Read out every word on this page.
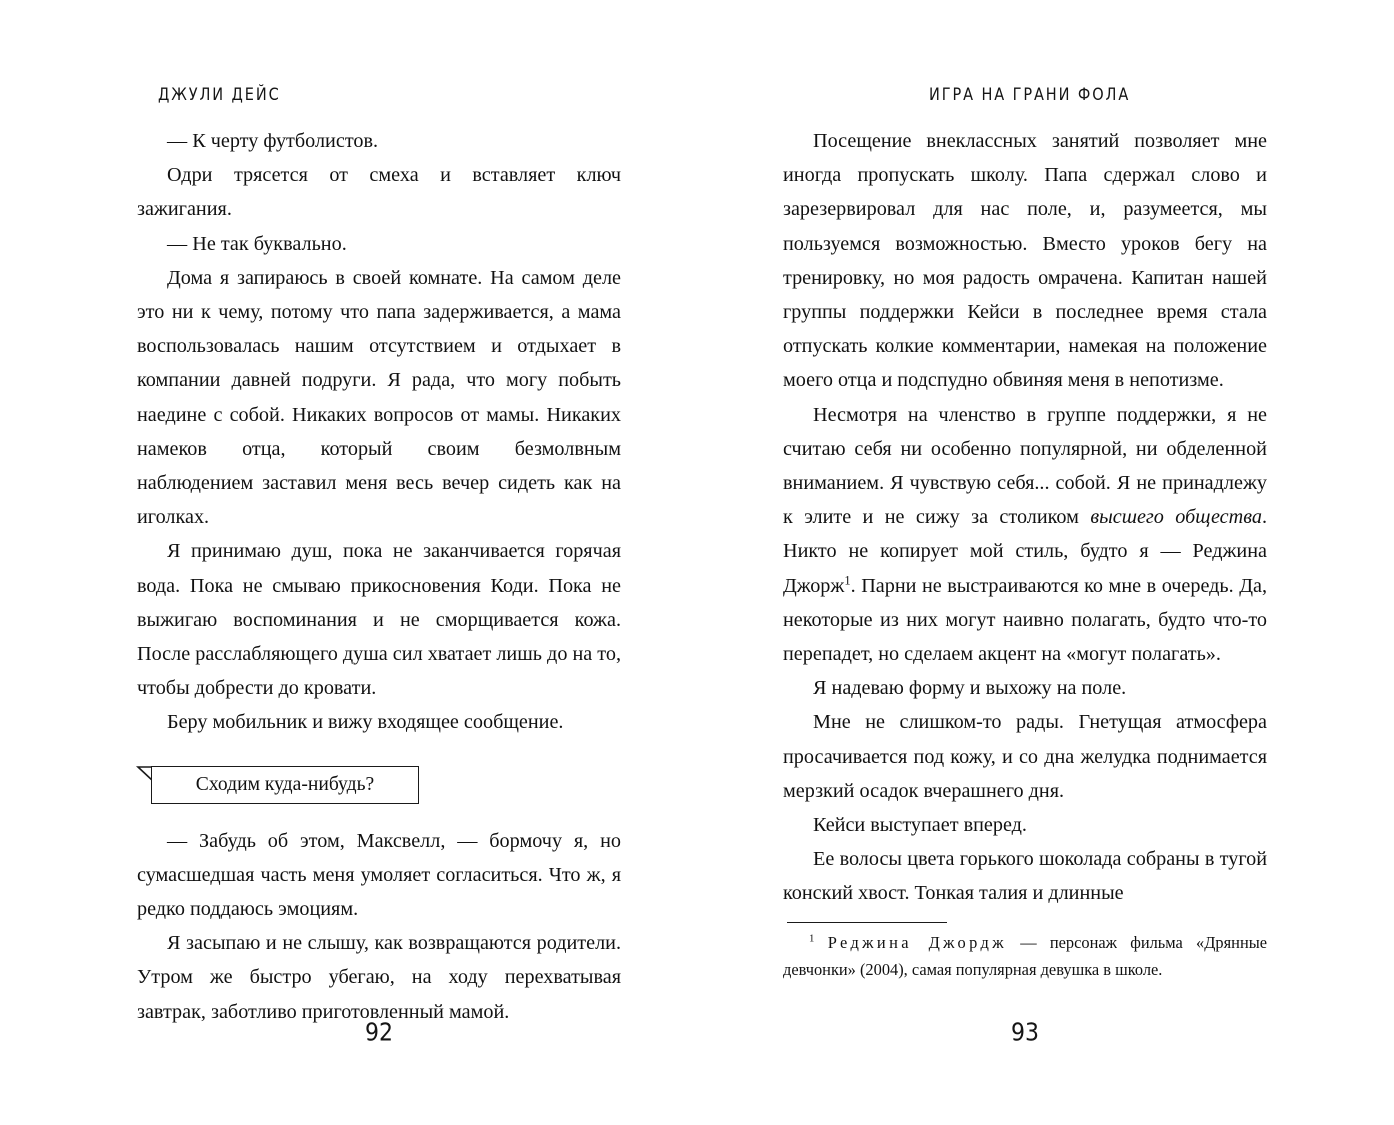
— К черту футболистов.

Одри трясется от смеха и вставляет ключ зажигания.

— Не так буквально.

Дома я запираюсь в своей комнате. На самом деле это ни к чему, потому что папа задерживается, а мама воспользовалась нашим отсутствием и отдыхает в компании давней подруги. Я рада, что могу побыть наедине с собой. Никаких вопросов от мамы. Никаких намеков отца, который своим безмолвным наблюдением заставил меня весь вечер сидеть как на иголках.

Я принимаю душ, пока не заканчивается горячая вода. Пока не смываю прикосновения Коди. Пока не выжигаю воспоминания и не сморщивается кожа. После расслабляющего душа сил хватает лишь до на то, чтобы добрести до кровати.

Беру мобильник и вижу входящее сообщение.

Сходим куда-нибудь?

— Забудь об этом, Максвелл, — бормочу я, но сумасшедшая часть меня умоляет согласиться. Что ж, я редко поддаюсь эмоциям.

Я засыпаю и не слышу, как возвращаются родители. Утром же быстро убегаю, на ходу перехватывая завтрак, заботливо приготовленный мамой.

92

Посещение внеклассных занятий позволяет мне иногда пропускать школу. Папа сдержал слово и зарезервировал для нас поле, и, разумеется, мы пользуемся возможностью. Вместо уроков бегу на тренировку, но моя радость омрачена. Капитан нашей группы поддержки Кейси в последнее время стала отпускать колкие комментарии, намекая на положение моего отца и подспудно обвиняя меня в непотизме.

Несмотря на членство в группе поддержки, я не считаю себя ни особенно популярной, ни обделенной вниманием. Я чувствую себя... собой. Я не принадлежу к элите и не сижу за столиком высшего общества. Никто не копирует мой стиль, будто я — Реджина Джорж$^1$. Парни не выстраиваются ко мне в очередь. Да, некоторые из них могут наивно полагать, будто что-то перепадет, но сделаем акцент на «могут полагать».

Я надеваю форму и выхожу на поле.

Мне не слишком-то рады. Гнетущая атмосфера просачивается под кожу, и со дна желудка поднимается мерзкий осадок вчерашнего дня.

Кейси выступает вперед.

Ее волосы цвета горького шоколада собраны в тугой конский хвост. Тонкая талия и длинные

$^1$ Реджина Джордж — персонаж фильма «Дрянные девчонки» (2004), самая популярная девушка в школе.

93
ДЖУЛИ ДЕЙС	ИГРА НА ГРАНИ ФОЛА
